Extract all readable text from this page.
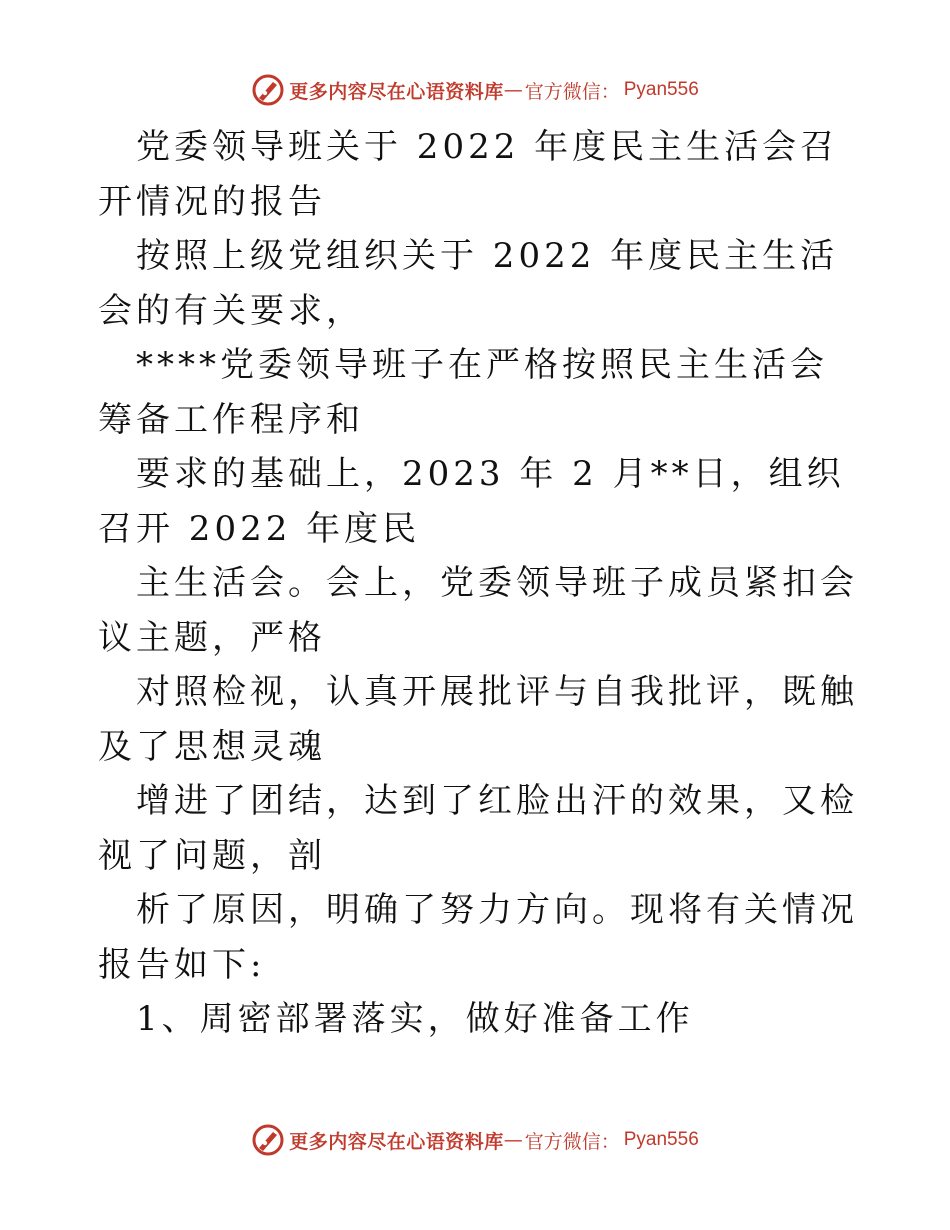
更多内容尽在心语资料库 — 官方微信： Pyan556

党委领导班关于 2022 年度民主生活会召开情况的报告

按照上级党组织关于 2022 年度民主生活会的有关要求，

****党委领导班子在严格按照民主生活会筹备工作程序和

要求的基础上，2023 年 2 月**日，组织召开 2022 年度民

主生活会。会上，党委领导班子成员紧扣会议主题，严格

对照检视，认真开展批评与自我批评，既触及了思想灵魂

增进了团结，达到了红脸出汗的效果，又检视了问题，剖

析了原因，明确了努力方向。现将有关情况报告如下:

1、周密部署落实，做好准备工作

更多内容尽在心语资料库 — 官方微信： Pyan556
